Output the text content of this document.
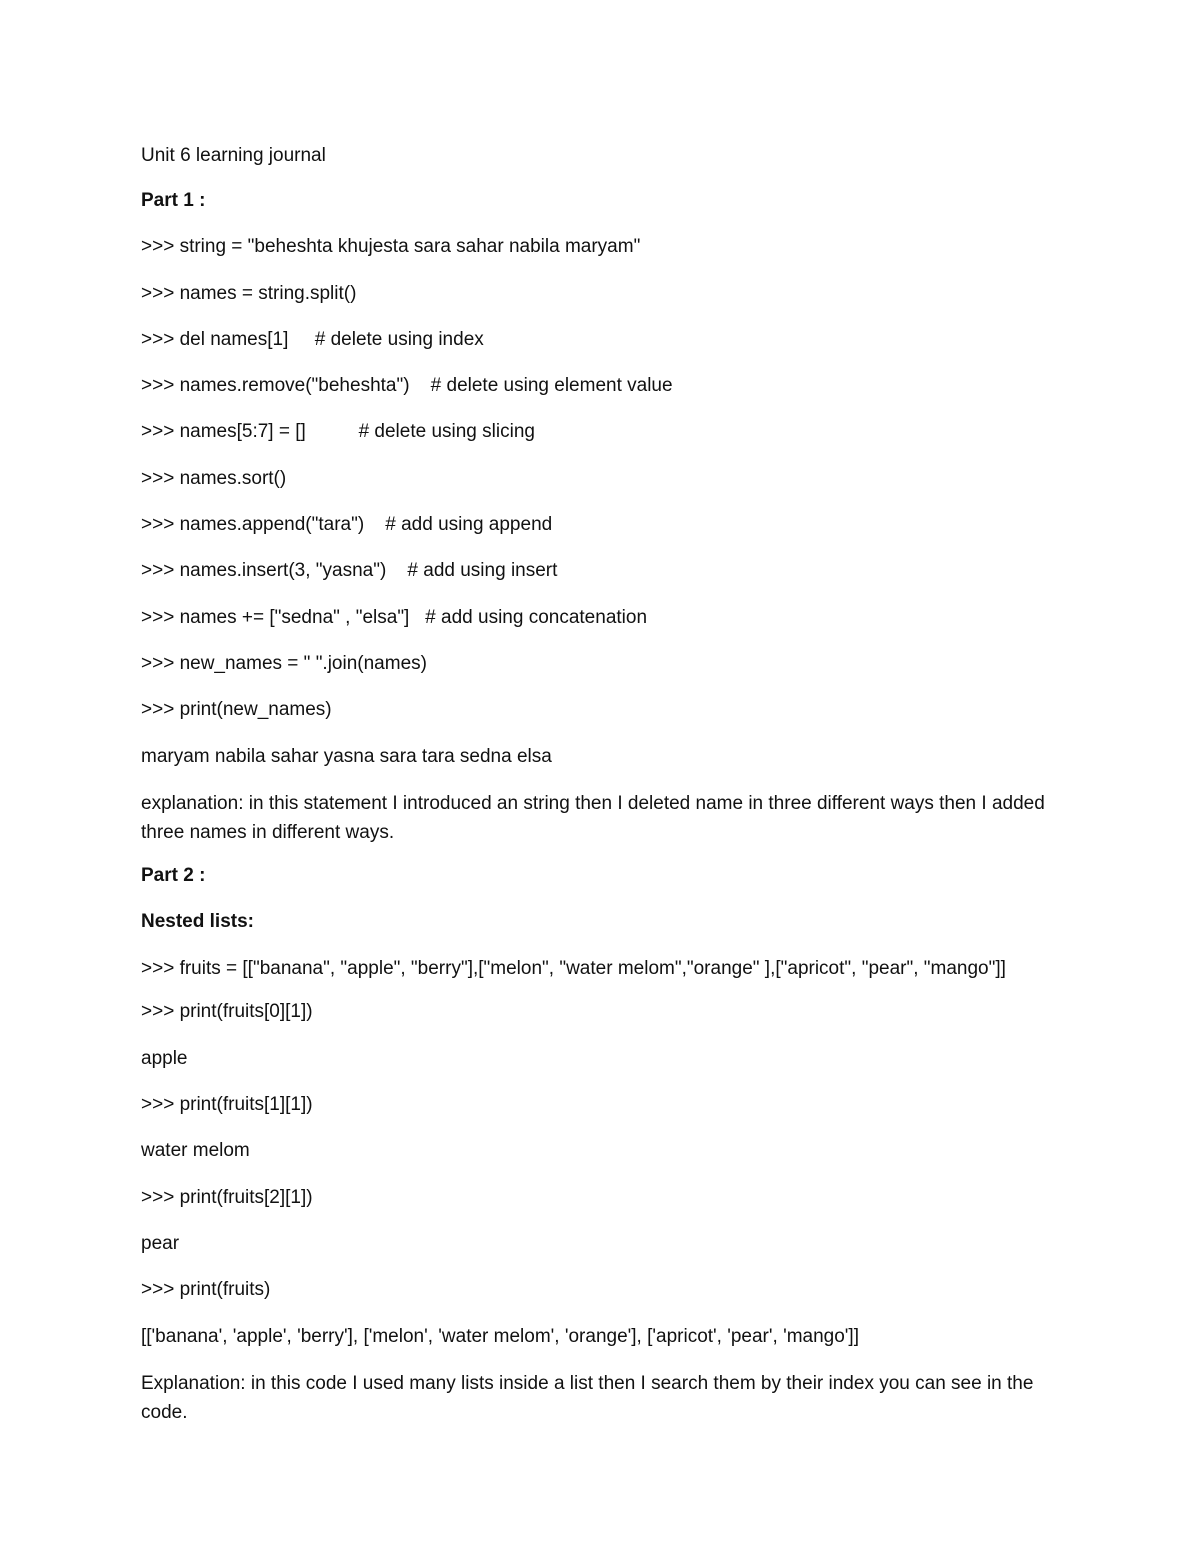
Unit 6 learning journal
Part 1 :
>>> string = "beheshta khujesta sara sahar nabila maryam"
>>> names = string.split()
>>> del names[1]     # delete using index
>>> names.remove("beheshta")    # delete using element value
>>> names[5:7] = []          # delete using slicing
>>> names.sort()
>>> names.append("tara")    # add using append
>>> names.insert(3, "yasna")    # add using insert
>>> names += ["sedna" , "elsa"]   # add using concatenation
>>> new_names = " ".join(names)
>>> print(new_names)
maryam nabila sahar yasna sara tara sedna elsa
explanation: in this statement I introduced an string then I deleted name in three different ways then I added three names in different ways.
Part 2 :
Nested lists:
>>> fruits = [["banana", "apple", "berry"],["melon", "water melom","orange" ],["apricot", "pear", "mango"]]
>>> print(fruits[0][1])
apple
>>> print(fruits[1][1])
water melom
>>> print(fruits[2][1])
pear
>>> print(fruits)
[['banana', 'apple', 'berry'], ['melon', 'water melom', 'orange'], ['apricot', 'pear', 'mango']]
Explanation: in this code I used many lists inside a list then I search them by their index you can see in the code.
